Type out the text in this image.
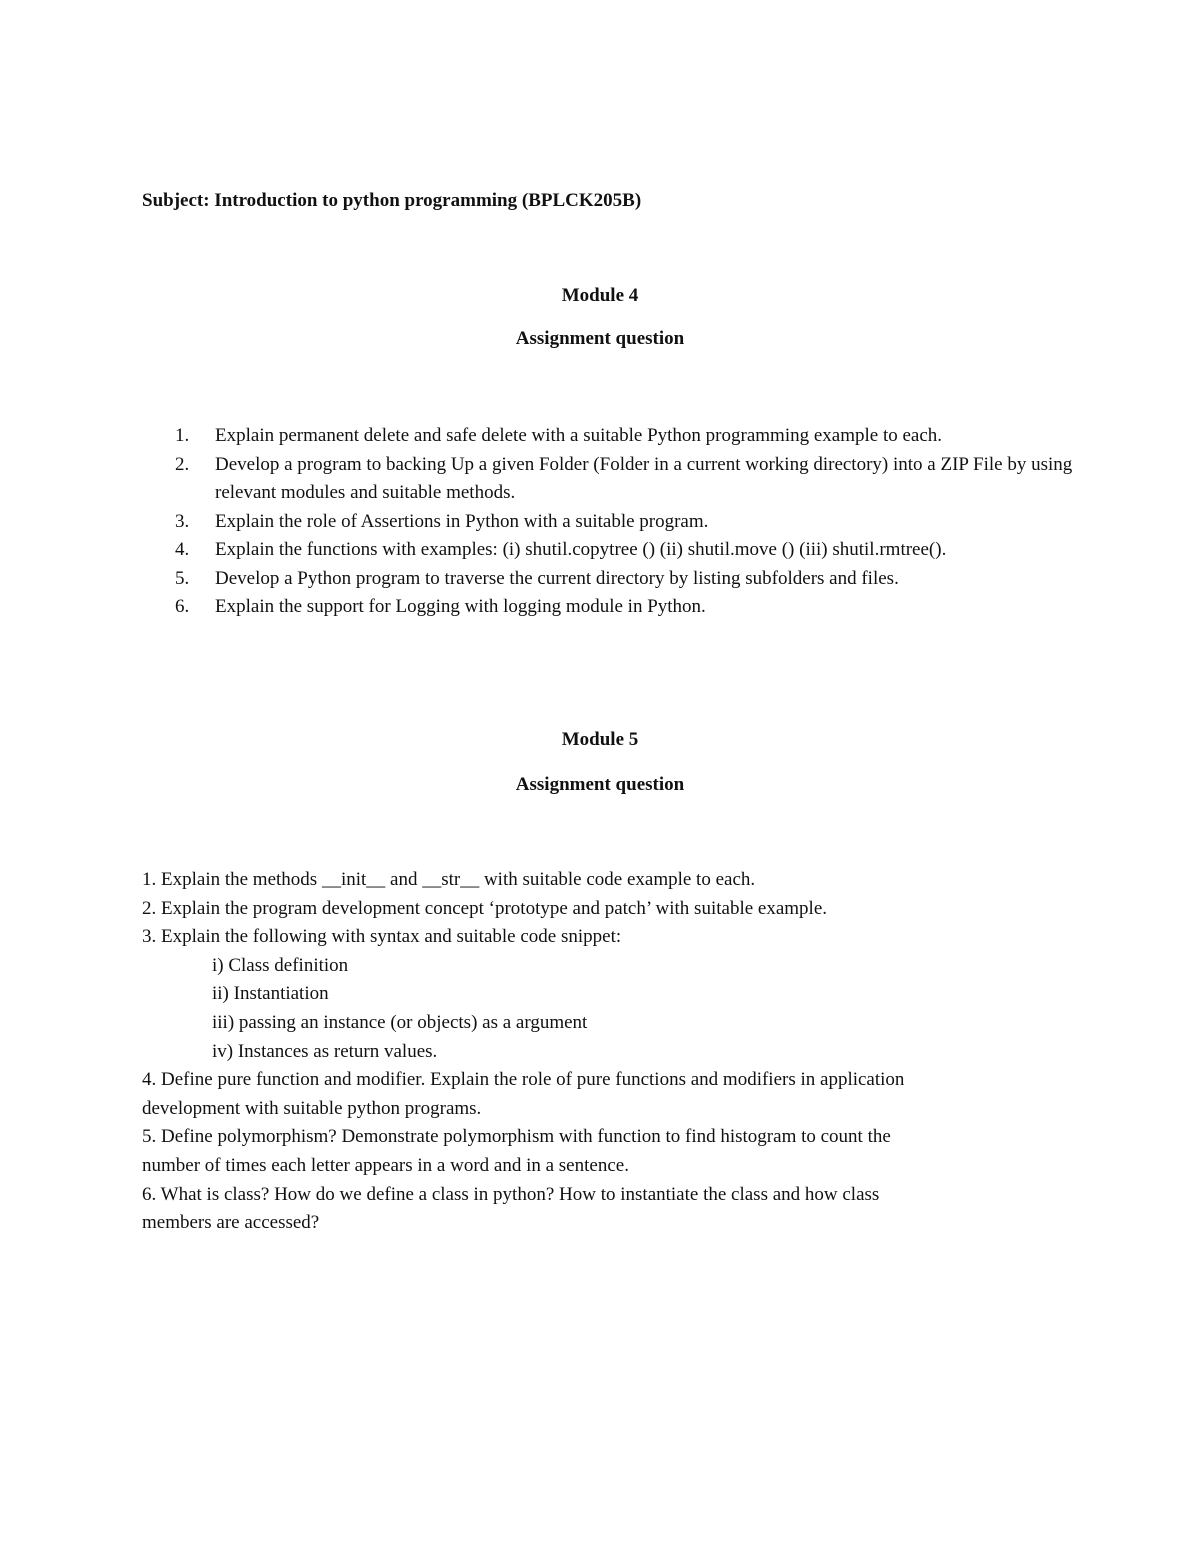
Subject: Introduction to python programming (BPLCK205B)
Module 4
Assignment question
1. Explain permanent delete and safe delete with a suitable Python programming example to each.
2. Develop a program to backing Up a given Folder (Folder in a current working directory) into a ZIP File by using relevant modules and suitable methods.
3. Explain the role of Assertions in Python with a suitable program.
4. Explain the functions with examples: (i) shutil.copytree () (ii) shutil.move () (iii) shutil.rmtree().
5. Develop a Python program to traverse the current directory by listing subfolders and files.
6. Explain the support for Logging with logging module in Python.
Module 5
Assignment question
1. Explain the methods __init__ and __str__ with suitable code example to each.
2. Explain the program development concept ‘prototype and patch’ with suitable example.
3. Explain the following with syntax and suitable code snippet:
i) Class definition
ii) Instantiation
iii) passing an instance (or objects) as a argument
iv) Instances as return values.
4. Define pure function and modifier. Explain the role of pure functions and modifiers in application
development with suitable python programs.
5. Define polymorphism? Demonstrate polymorphism with function to find histogram to count the
number of times each letter appears in a word and in a sentence.
6. What is class? How do we define a class in python? How to instantiate the class and how class
members are accessed?
